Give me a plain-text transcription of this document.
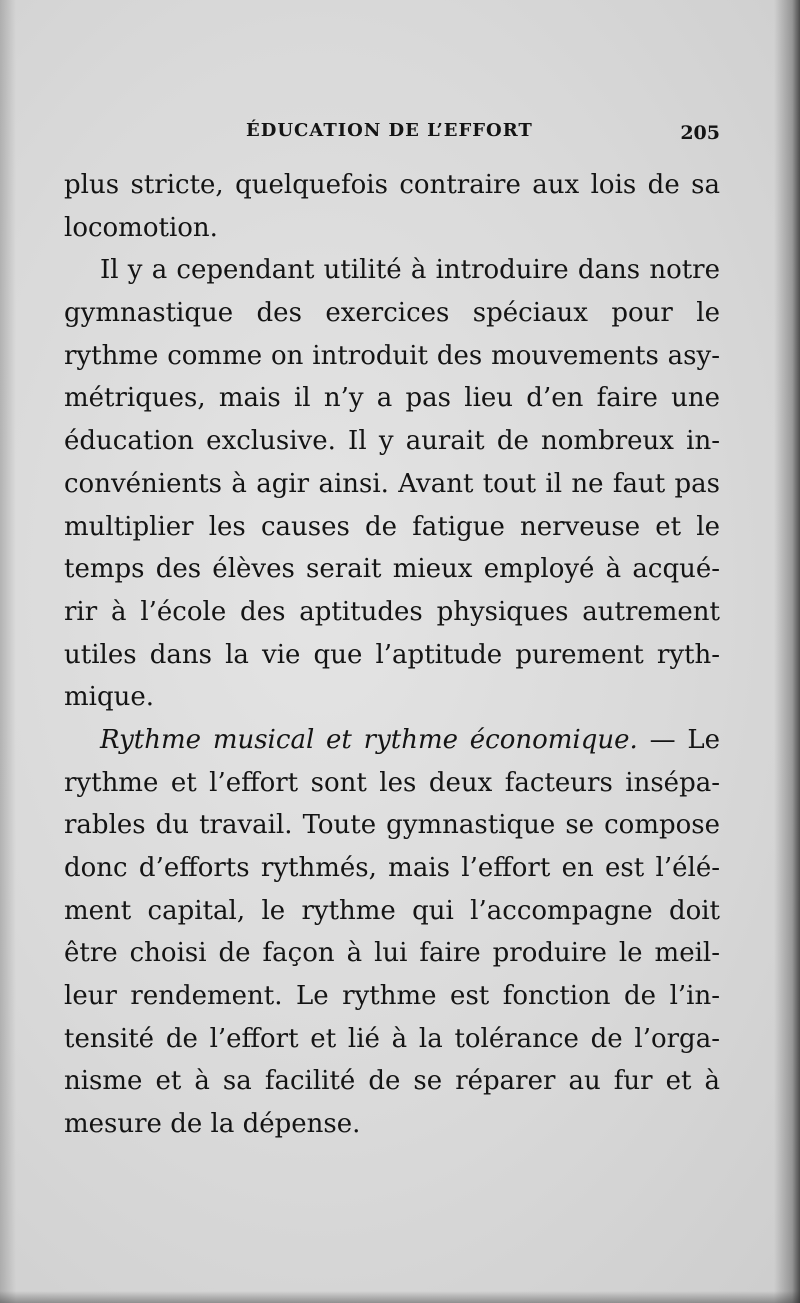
ÉDUCATION DE L’EFFORT	205
plus stricte, quelquefois contraire aux lois de sa
locomotion.
Il y a cependant utilité à introduire dans notre
gymnastique des exercices spéciaux pour le
rythme comme on introduit des mouvements asy-
métriques, mais il n’y a pas lieu d’en faire une
éducation exclusive. Il y aurait de nombreux in-
convénients à agir ainsi. Avant tout il ne faut pas
multiplier les causes de fatigue nerveuse et le
temps des élèves serait mieux employé à acqué-
rir à l’école des aptitudes physiques autrement
utiles dans la vie que l’aptitude purement ryth-
mique.
Rythme musical et rythme économique. — Le
rythme et l’effort sont les deux facteurs insépa-
rables du travail. Toute gymnastique se compose
donc d’efforts rythmés, mais l’effort en est l’élé-
ment capital, le rythme qui l’accompagne doit
être choisi de façon à lui faire produire le meil-
leur rendement. Le rythme est fonction de l’in-
tensité de l’effort et lié à la tolérance de l’orga-
nisme et à sa facilité de se réparer au fur et à
mesure de la dépense.
